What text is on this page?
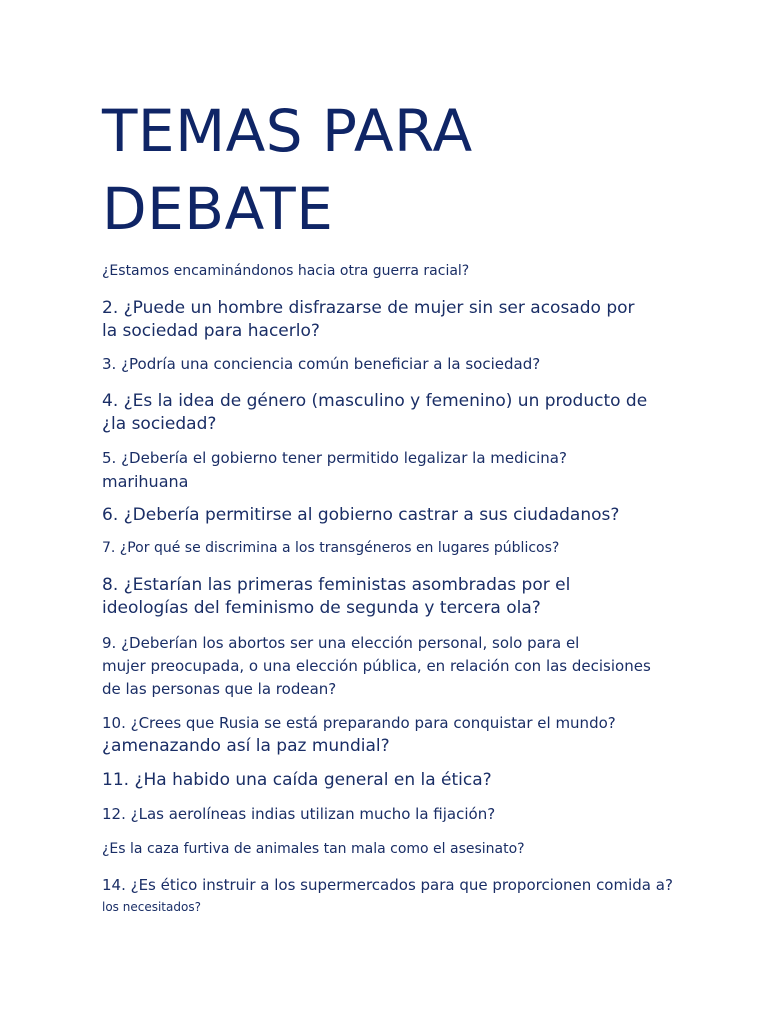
TEMAS PARA
DEBATE

¿Estamos encaminándonos hacia otra guerra racial?

2. ¿Puede un hombre disfrazarse de mujer sin ser acosado por
la sociedad para hacerlo?

3. ¿Podría una conciencia común beneficiar a la sociedad?

4. ¿Es la idea de género (masculino y femenino) un producto de
¿la sociedad?

5. ¿Debería el gobierno tener permitido legalizar la medicina?
marihuana

6. ¿Debería permitirse al gobierno castrar a sus ciudadanos?

7. ¿Por qué se discrimina a los transgéneros en lugares públicos?

8. ¿Estarían las primeras feministas asombradas por el
ideologías del feminismo de segunda y tercera ola?

9. ¿Deberían los abortos ser una elección personal, solo para el
mujer preocupada, o una elección pública, en relación con las decisiones
de las personas que la rodean?

10. ¿Crees que Rusia se está preparando para conquistar el mundo?
¿amenazando así la paz mundial?

11. ¿Ha habido una caída general en la ética?

12. ¿Las aerolíneas indias utilizan mucho la fijación?

¿Es la caza furtiva de animales tan mala como el asesinato?

14. ¿Es ético instruir a los supermercados para que proporcionen comida a?
los necesitados?
